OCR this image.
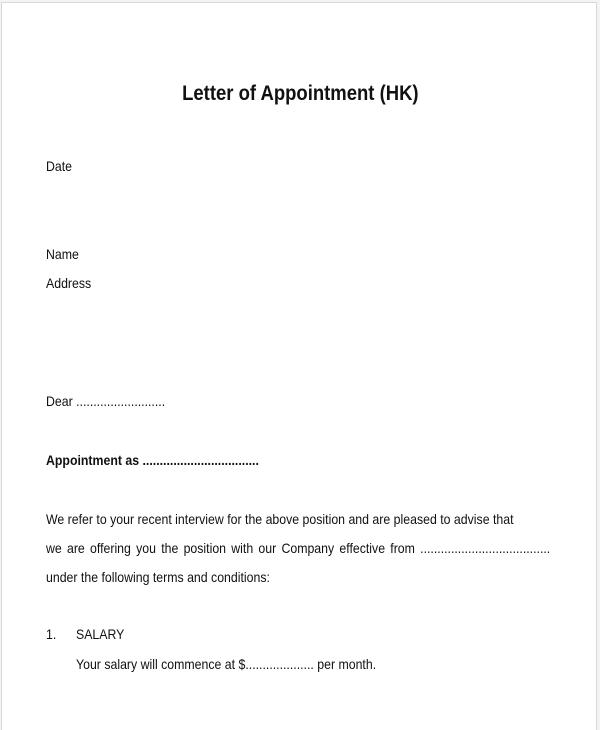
Letter of Appointment (HK)
Date
Name
Address
Dear ..........................
Appointment as ..................................
We refer to your recent interview for the above position and are pleased to advise that
we are offering you the position with our Company effective from ......................................
under the following terms and conditions:
1. SALARY
Your salary will commence at $.................... per month.
